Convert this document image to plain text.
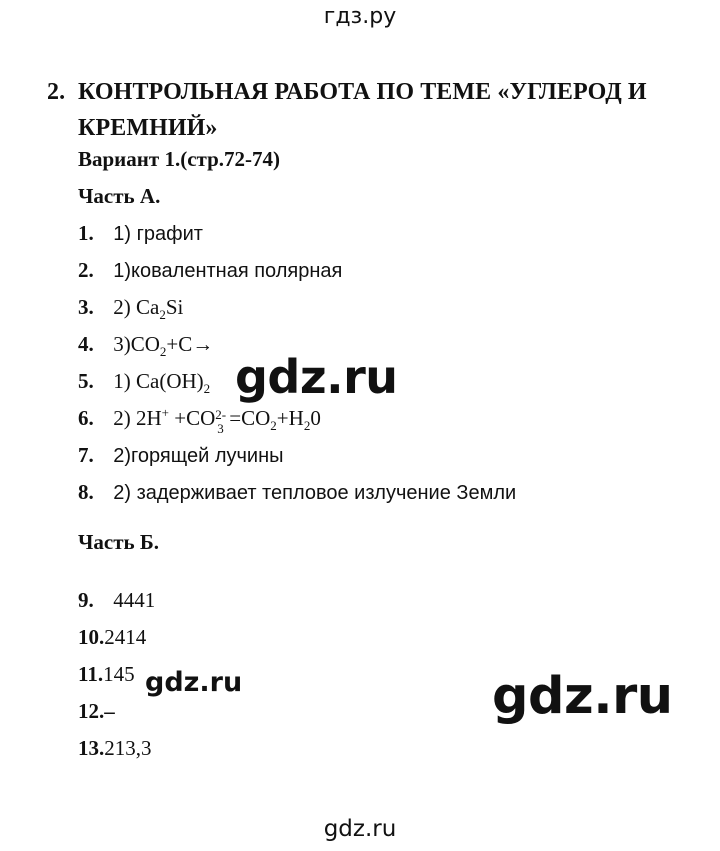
гдз.ру
2. КОНТРОЛЬНАЯ РАБОТА ПО ТЕМЕ «УГЛЕРОД И
КРЕМНИЙ»
Вариант 1.(стр.72-74)
Часть А.
1. 1) графит
2. 1)ковалентная полярная
3. 2) $Ca_2Si$
4. $3)CO_2+C\to$
5. 1) $Ca(OH)_2$
6. 2) 2H+ +CO 2-
$3 =CO_2+H_20$
7. 2)горящей лучины
8. 2) задерживает тепловое излучение Земли
Часть Б.
9. 4441
10.2414
11.145
12.–
13.213,3
gdz.ru
gdz.ru	gdz.ru
gdz.ru
